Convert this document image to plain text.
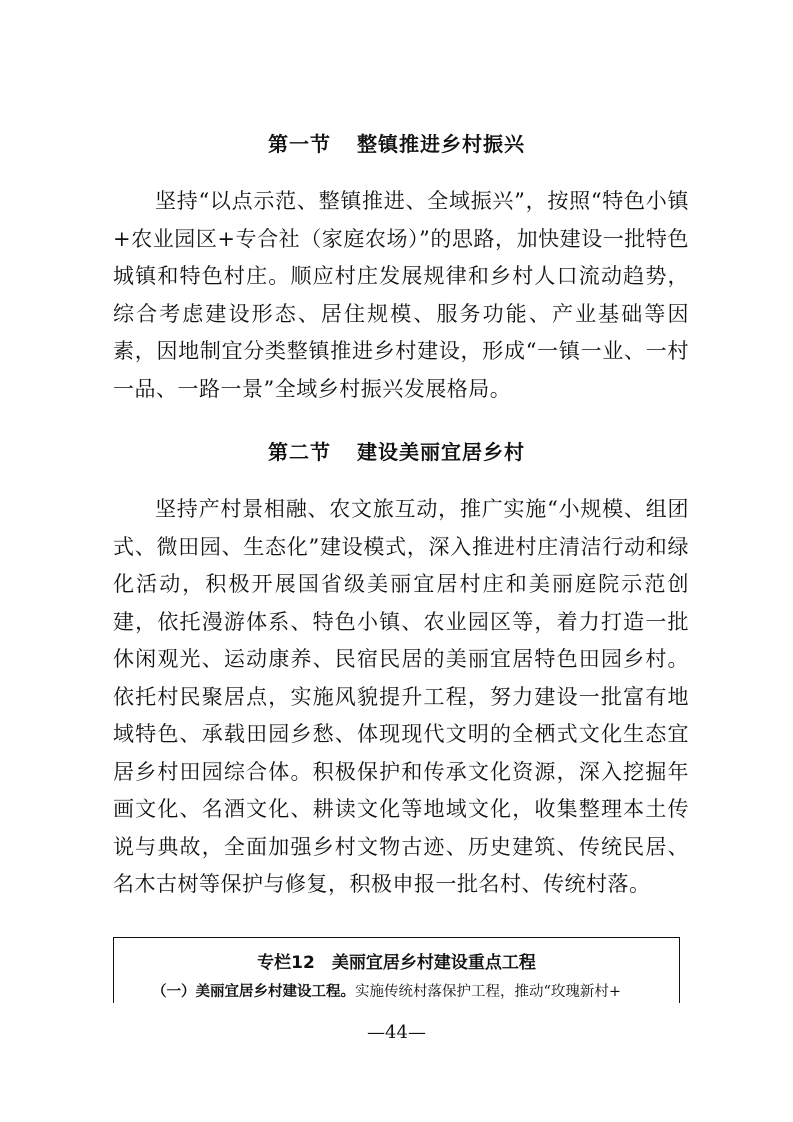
第一节 整镇推进乡村振兴
坚持“以点示范、整镇推进、全域振兴”，按照“特色小镇+农业园区+专合社（家庭农场）”的思路，加快建设一批特色城镇和特色村庄。顺应村庄发展规律和乡村人口流动趋势，综合考虑建设形态、居住规模、服务功能、产业基础等因素，因地制宜分类整镇推进乡村建设，形成“一镇一业、一村一品、一路一景”全域乡村振兴发展格局。
第二节 建设美丽宜居乡村
坚持产村景相融、农文旅互动，推广实施“小规模、组团式、微田园、生态化”建设模式，深入推进村庄清洁行动和绿化活动，积极开展国省级美丽宜居村庄和美丽庭院示范创建，依托漫游体系、特色小镇、农业园区等，着力打造一批休闲观光、运动康养、民宿民居的美丽宜居特色田园乡村。依托村民聚居点，实施风貌提升工程，努力建设一批富有地域特色、承载田园乡愁、体现现代文明的全栖式文化生态宜居乡村田园综合体。积极保护和传承文化资源，深入挖掘年画文化、名酒文化、耕读文化等地域文化，收集整理本土传说与典故，全面加强乡村文物古迹、历史建筑、传统民居、名木古树等保护与修复，积极申报一批名村、传统村落。
专栏12　美丽宜居乡村建设重点工程
（一）美丽宜居乡村建设工程。实施传统村落保护工程，推动“玫瑰新村+
—44—
